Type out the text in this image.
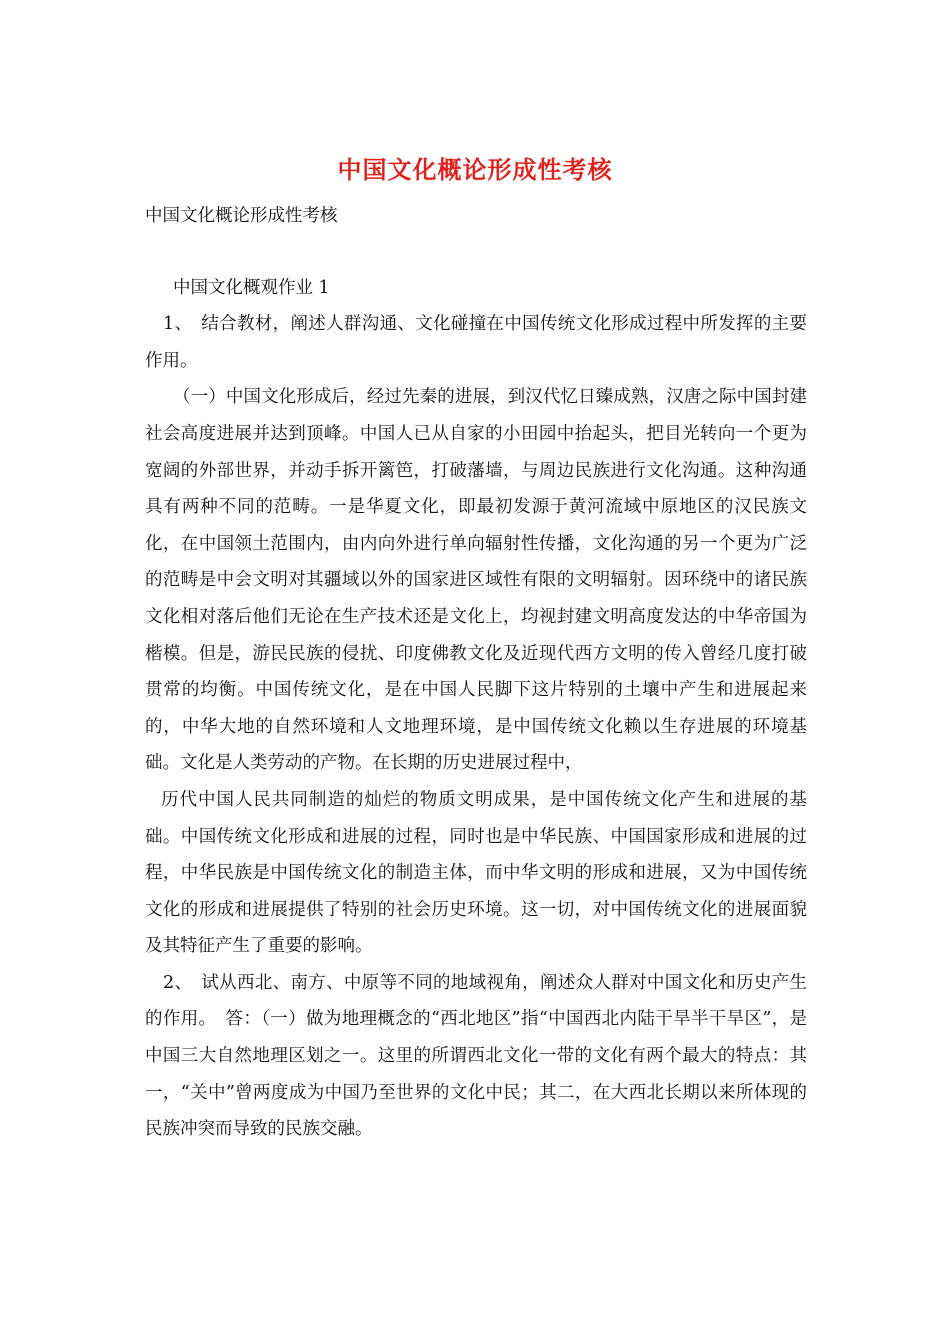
中国文化概论形成性考核

中国文化概论形成性考核

中国文化概观作业 1

1、　结合教材，阐述人群沟通、文化碰撞在中国传统文化形成过程中所发挥的主要作用。

（一）中国文化形成后，经过先秦的进展，到汉代忆日臻成熟，汉唐之际中国封建社会高度进展并达到顶峰。中国人已从自家的小田园中抬起头，把目光转向一个更为宽阔的外部世界，并动手拆开篱笆，打破藩墙，与周边民族进行文化沟通。这种沟通具有两种不同的范畴。一是华夏文化，即最初发源于黄河流域中原地区的汉民族文化，在中国领土范围内，由内向外进行单向辐射性传播，文化沟通的另一个更为广泛的范畴是中会文明对其疆域以外的国家进区域性有限的文明辐射。因环绕中的诸民族文化相对落后他们无论在生产技术还是文化上，均视封建文明高度发达的中华帝国为楷模。但是，游民民族的侵扰、印度佛教文化及近现代西方文明的传入曾经几度打破贯常的均衡。中国传统文化，是在中国人民脚下这片特别的土壤中产生和进展起来的，中华大地的自然环境和人文地理环境，是中国传统文化赖以生存进展的环境基础。文化是人类劳动的产物。在长期的历史进展过程中，

历代中国人民共同制造的灿烂的物质文明成果，是中国传统文化产生和进展的基础。中国传统文化形成和进展的过程，同时也是中华民族、中国国家形成和进展的过程，中华民族是中国传统文化的制造主体，而中华文明的形成和进展，又为中国传统文化的形成和进展提供了特别的社会历史环境。这一切，对中国传统文化的进展面貌及其特征产生了重要的影响。

2、　试从西北、南方、中原等不同的地域视角，阐述众人群对中国文化和历史产生的作用。　答：（一）做为地理概念的“西北地区”指“中国西北内陆干旱半干旱区”，是中国三大自然地理区划之一。这里的所谓西北文化一带的文化有两个最大的特点：其一，“关中”曾两度成为中国乃至世界的文化中民；其二，在大西北长期以来所体现的民族冲突而导致的民族交融。
